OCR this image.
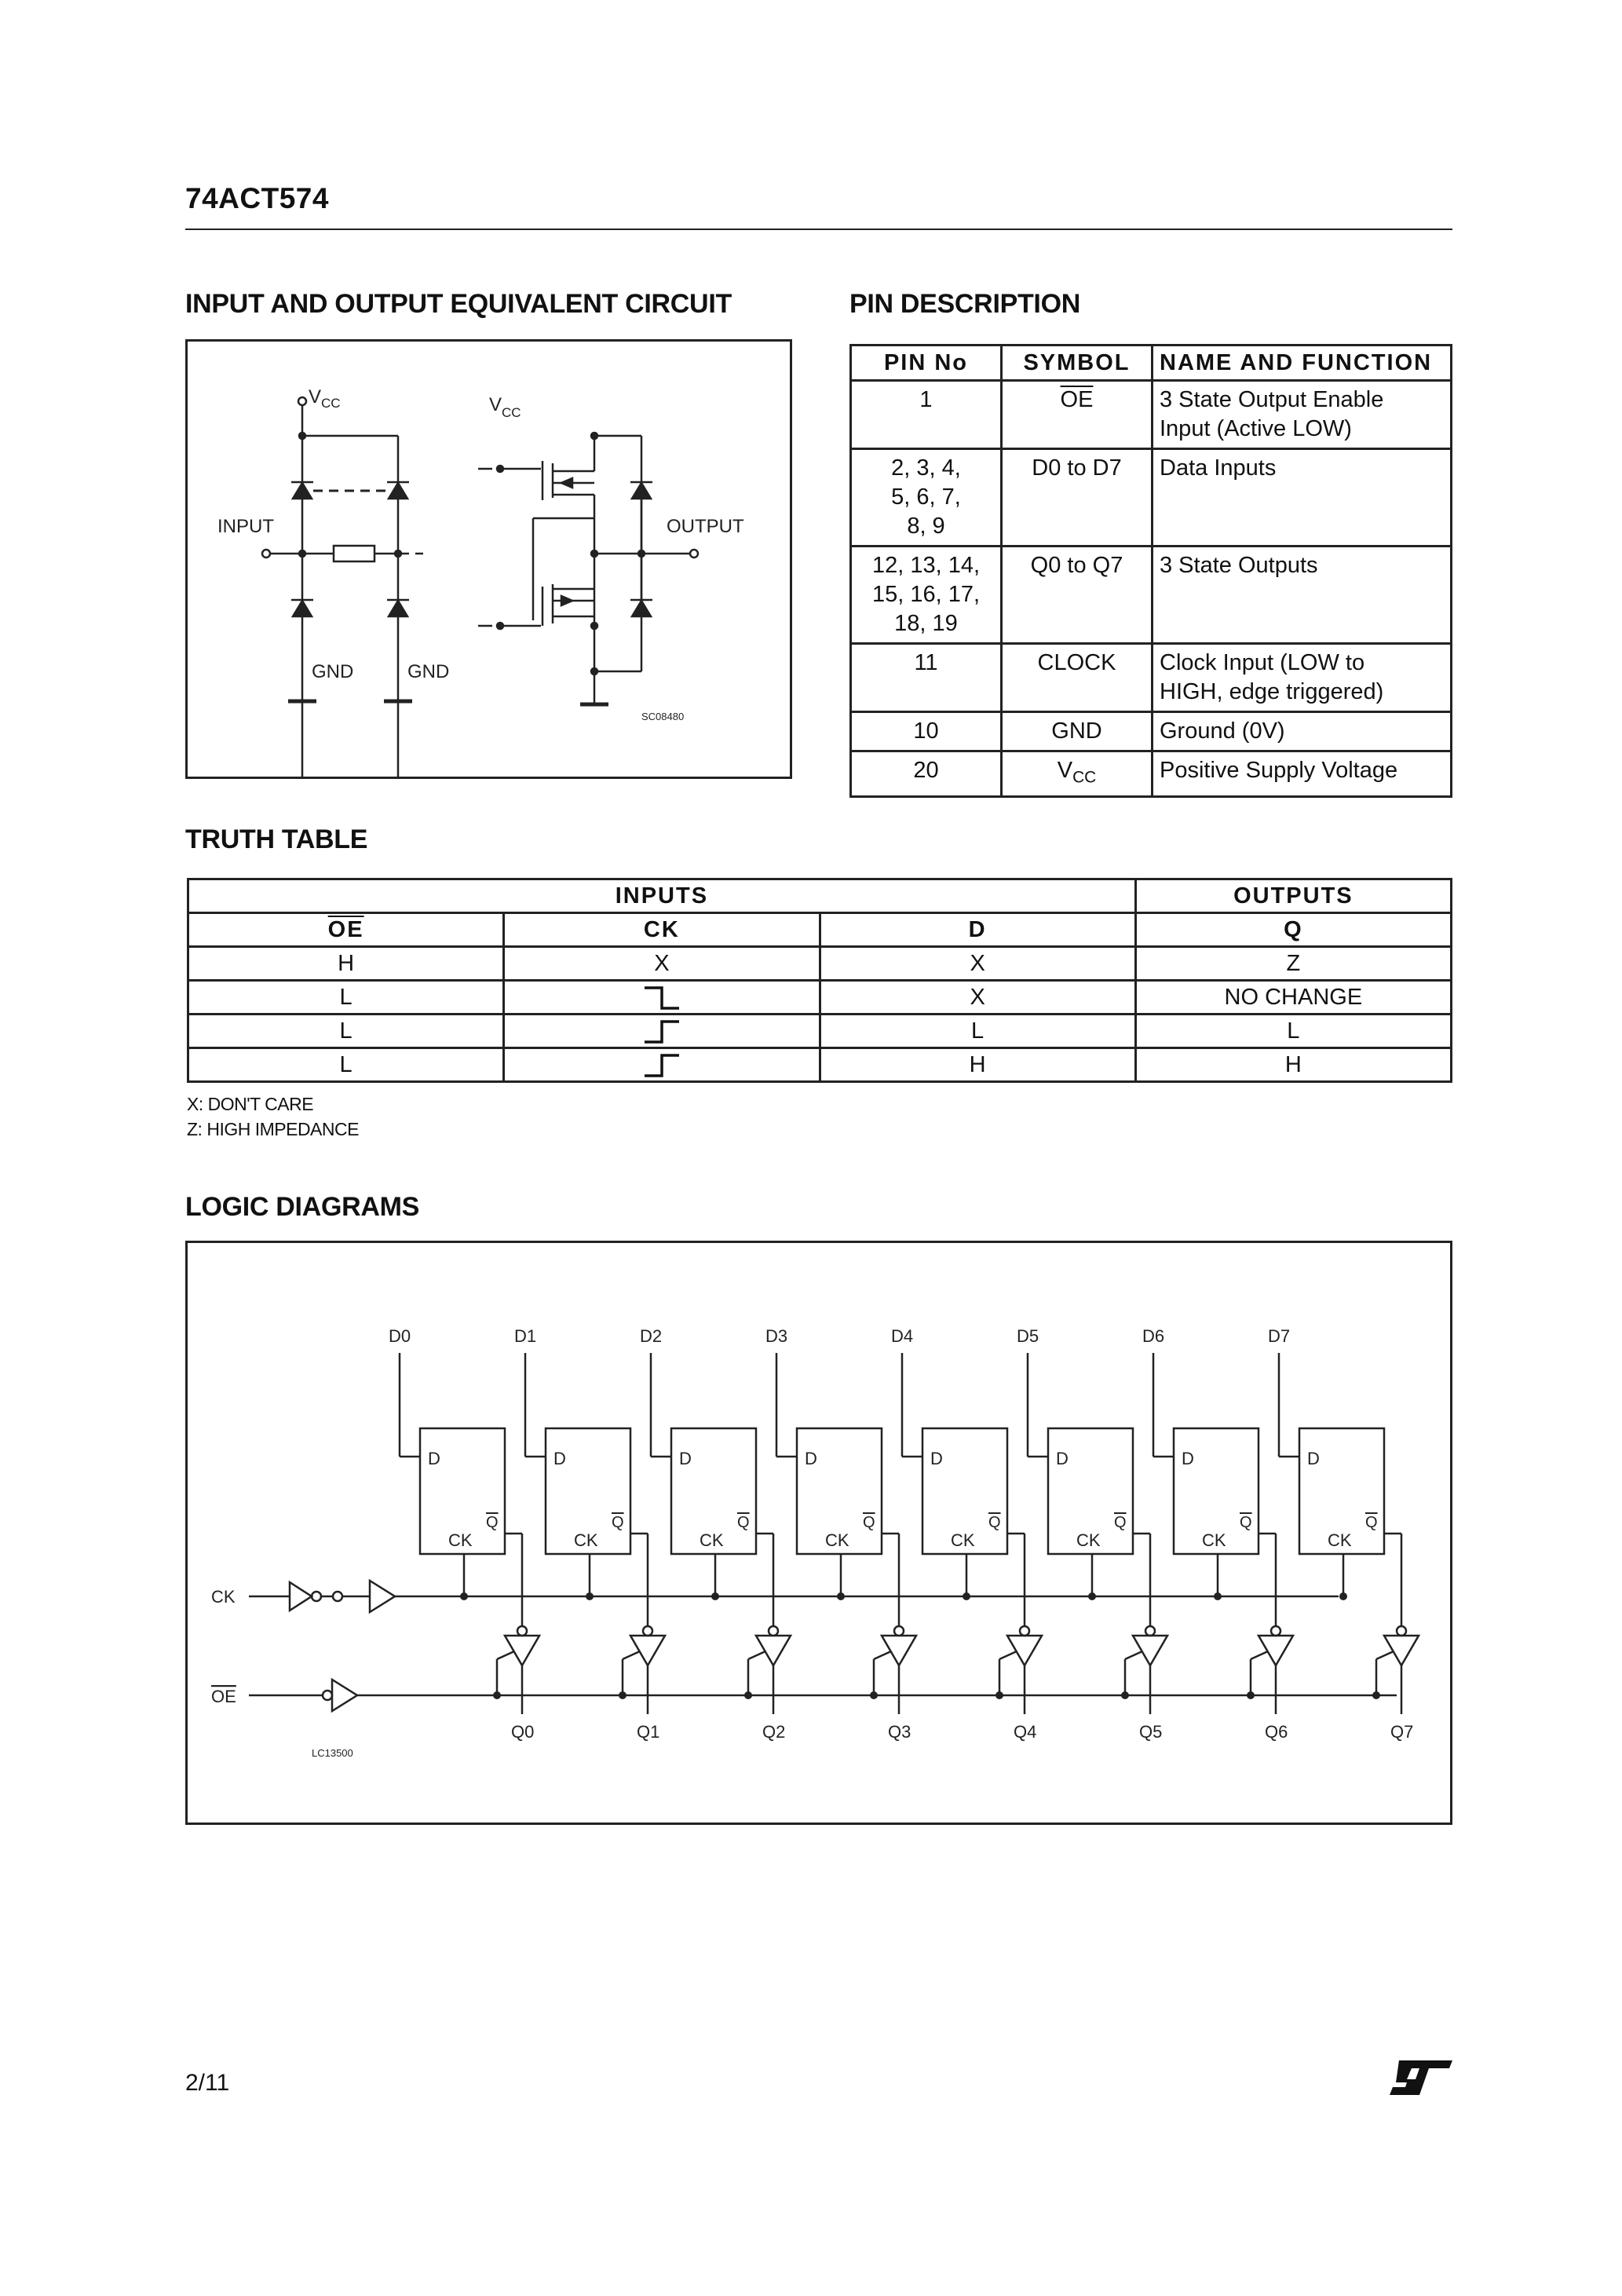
74ACT574
INPUT AND OUTPUT EQUIVALENT CIRCUIT
V CC
INPUT
GND	GND
V CC
OUTPUT
SC08480
PIN DESCRIPTION
PIN No	SYMBOL	NAME AND FUNCTION
1	$\overline{OE}$	3 State Output Enable
Input (Active LOW)

2, 3, 4,
5, 6, 7,
8, 9	D0 to D7	Data Inputs

12, 13, 14,
15, 16, 17,
18, 19	Q0 to Q7	3 State Outputs

11	CLOCK	Clock Input (LOW to
HIGH, edge triggered)

10	GND	Ground (0V)

20	$V_{CC}$	Positive Supply Voltage
TRUTH TABLE
INPUTS			OUTPUTS
$\overline{OE}$	CK	D	Q
H	X	X	Z
L		X	NO CHANGE
L		L	L
L		H	H
X: DON'T CARE
Z: HIGH IMPEDANCE
LOGIC DIAGRAMS
CK
OE
LC13500
D0
D
CK
Q
Q0
D1
D
CK
Q
Q1
D2
D
CK
Q
Q2
D3
D
CK
Q
Q3
D4
D
CK
Q
Q4
D5
D
CK
Q
Q5
D6
D
CK
Q
Q6
D7
D
CK
Q
Q7
2/11
ST
